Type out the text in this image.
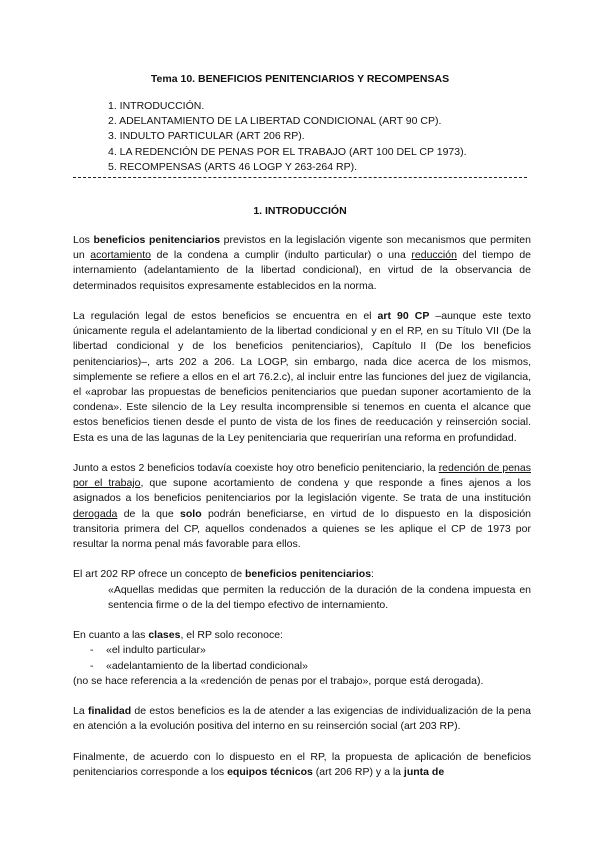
Tema 10. BENEFICIOS PENITENCIARIOS Y RECOMPENSAS
1. INTRODUCCIÓN.
2. ADELANTAMIENTO DE LA LIBERTAD CONDICIONAL (ART 90 CP).
3. INDULTO PARTICULAR (ART 206 RP).
4. LA REDENCIÓN DE PENAS POR EL TRABAJO (ART 100 DEL CP 1973).
5. RECOMPENSAS (ARTS 46 LOGP Y 263-264 RP).
1. INTRODUCCIÓN

Los beneficios penitenciarios previstos en la legislación vigente son mecanismos que permiten un acortamiento de la condena a cumplir (indulto particular) o una reducción del tiempo de internamiento (adelantamiento de la libertad condicional), en virtud de la observancia de determinados requisitos expresamente establecidos en la norma.

La regulación legal de estos beneficios se encuentra en el art 90 CP –aunque este texto únicamente regula el adelantamiento de la libertad condicional y en el RP, en su Título VII (De la libertad condicional y de los beneficios penitenciarios), Capítulo II (De los beneficios penitenciarios)–, arts 202 a 206. La LOGP, sin embargo, nada dice acerca de los mismos, simplemente se refiere a ellos en el art 76.2.c), al incluir entre las funciones del juez de vigilancia, el «aprobar las propuestas de beneficios penitenciarios que puedan suponer acortamiento de la condena». Este silencio de la Ley resulta incomprensible si tenemos en cuenta el alcance que estos beneficios tienen desde el punto de vista de los fines de reeducación y reinserción social. Esta es una de las lagunas de la Ley penitenciaria que requerirían una reforma en profundidad.

Junto a estos 2 beneficios todavía coexiste hoy otro beneficio penitenciario, la redención de penas por el trabajo, que supone acortamiento de condena y que responde a fines ajenos a los asignados a los beneficios penitenciarios por la legislación vigente. Se trata de una institución derogada de la que solo podrán beneficiarse, en virtud de lo dispuesto en la disposición transitoria primera del CP, aquellos condenados a quienes se les aplique el CP de 1973 por resultar la norma penal más favorable para ellos.

El art 202 RP ofrece un concepto de beneficios penitenciarios:
«Aquellas medidas que permiten la reducción de la duración de la condena impuesta en sentencia firme o de la del tiempo efectivo de internamiento.
En cuanto a las clases, el RP solo reconoce:
- «el indulto particular»
- «adelantamiento de la libertad condicional»
(no se hace referencia a la «redención de penas por el trabajo», porque está derogada).

La finalidad de estos beneficios es la de atender a las exigencias de individualización de la pena en atención a la evolución positiva del interno en su reinserción social (art 203 RP).

Finalmente, de acuerdo con lo dispuesto en el RP, la propuesta de aplicación de beneficios penitenciarios corresponde a los equipos técnicos (art 206 RP) y a la junta de
